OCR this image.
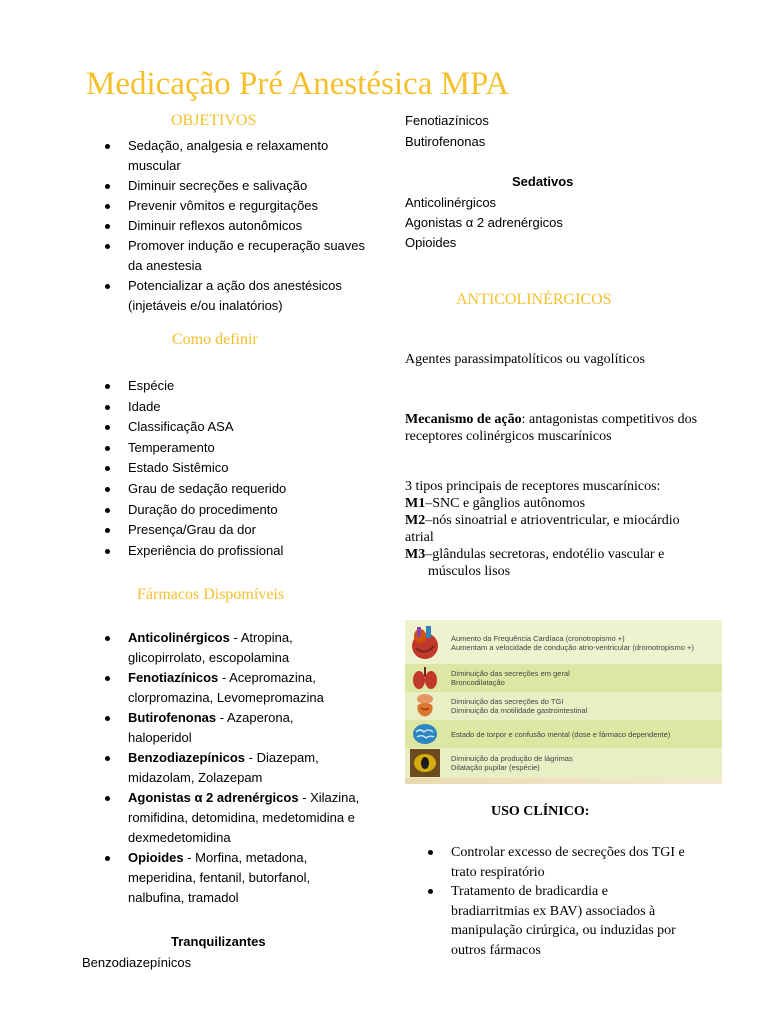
Medicação Pré Anestésica MPA
OBJETIVOS
Sedação, analgesia e relaxamento muscular
Diminuir secreções e salivação
Prevenir vômitos e regurgitações
Diminuir reflexos autonômicos
Promover indução e recuperação suaves da anestesia
Potencializar a ação dos anestésicos (injetáveis e/ou inalatórios)
Como definir
Espécie
Idade
Classificação ASA
Temperamento
Estado Sistêmico
Grau de sedação requerido
Duração do procedimento
Presença/Grau da dor
Experiência do profissional
Fármacos Dispomíveis
Anticolinérgicos - Atropina, glicopirrolato, escopolamina
Fenotiazínicos - Acepromazina, clorpromazina, Levomepromazina
Butirofenonas - Azaperona, haloperidol
Benzodiazepínicos - Diazepam, midazolam, Zolazepam
Agonistas α 2 adrenérgicos - Xilazina, romifidina, detomidina, medetomidina e dexmedetomidina
Opioides - Morfina, metadona, meperidina, fentanil, butorfanol, nalbufina, tramadol
Tranquilizantes
Benzodiazepínicos
Fenotiazínicos
Butirofenonas
Sedativos
Anticolinérgicos
Agonistas α 2 adrenérgicos
Opioides
ANTICOLINÉRGICOS
Agentes parassimpatolíticos ou vagolíticos
Mecanismo de ação: antagonistas competitivos dos receptores colinérgicos muscarínicos
3 tipos principais de receptores muscarínicos:
M1–SNC e gânglios autônomos
M2–nós sinoatrial e atrioventricular, e miocárdio atrial
M3–glândulas secretoras, endotélio vascular e músculos lisos
Aumento da Frequência Cardíaca (cronotropismo +)
Aumentam a velocidade de condução atrio-ventricular (dromotropismo +)
Diminuição das secreções em geral
Broncodilatação
Diminuição das secreções do TGI
Diminuição da motilidade gastrointestinal
Estado de torpor e confusão mental (dose e fármaco dependente)
Diminuição da produção de lágrimas
Dilatação pupilar (espécie)
USO CLÍNICO:
Controlar excesso de secreções dos TGI e trato respiratório
Tratamento de bradicardia e bradiarritmias ex BAV) associados à manipulação cirúrgica, ou induzidas por outros fármacos
